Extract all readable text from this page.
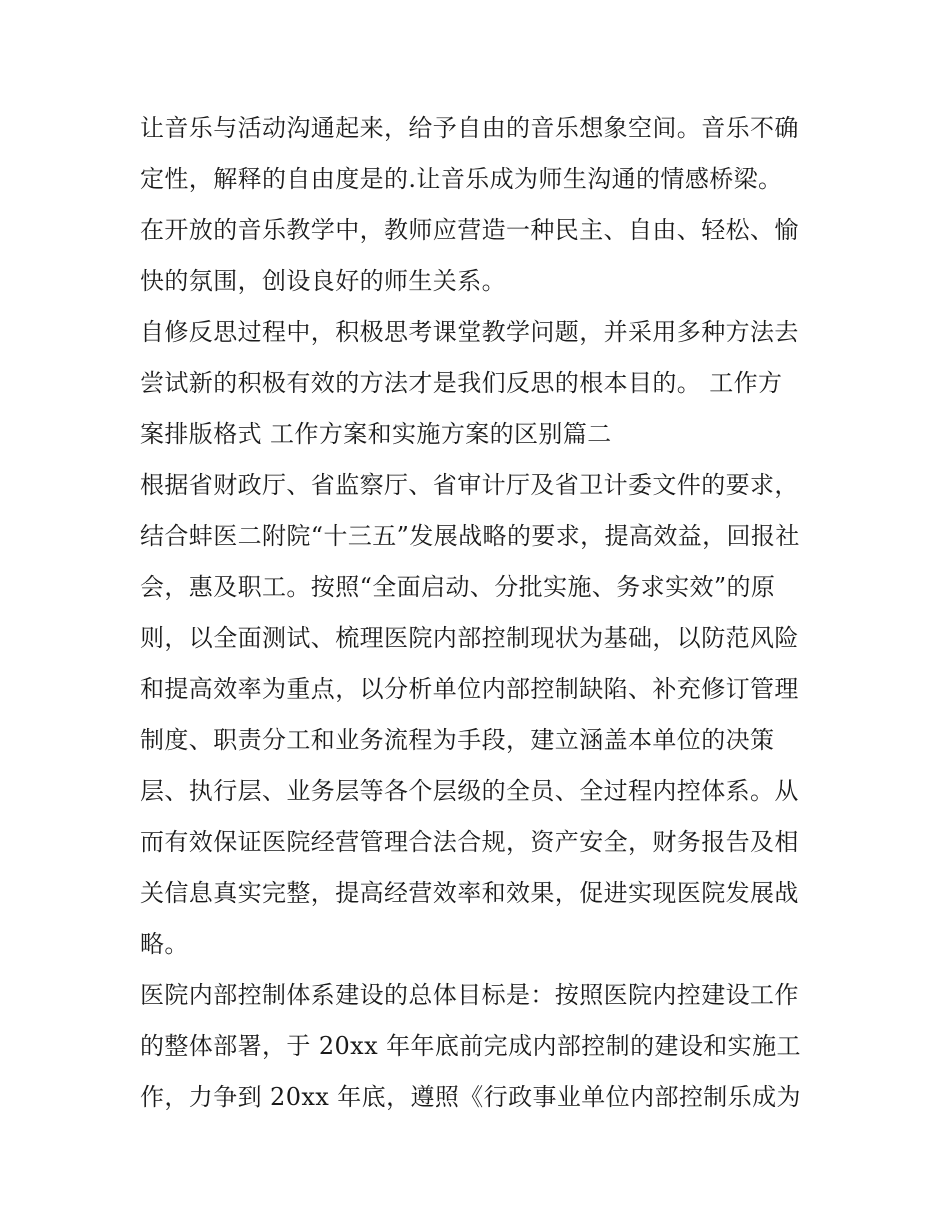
让音乐与活动沟通起来，给予自由的音乐想象空间。音乐不确
定性，解释的自由度是的.让音乐成为师生沟通的情感桥梁。
在开放的音乐教学中，教师应营造一种民主、自由、轻松、愉
快的氛围，创设良好的师生关系。
自修反思过程中，积极思考课堂教学问题，并采用多种方法去
尝试新的积极有效的方法才是我们反思的根本目的。 工作方
案排版格式 工作方案和实施方案的区别篇二
根据省财政厅、省监察厅、省审计厅及省卫计委文件的要求，
结合蚌医二附院“十三五”发展战略的要求，提高效益，回报社
会，惠及职工。按照“全面启动、分批实施、务求实效”的原
则，以全面测试、梳理医院内部控制现状为基础，以防范风险
和提高效率为重点，以分析单位内部控制缺陷、补充修订管理
制度、职责分工和业务流程为手段，建立涵盖本单位的决策
层、执行层、业务层等各个层级的全员、全过程内控体系。从
而有效保证医院经营管理合法合规，资产安全，财务报告及相
关信息真实完整，提高经营效率和效果，促进实现医院发展战
略。
医院内部控制体系建设的总体目标是：按照医院内控建设工作
的整体部署，于 20xx 年年底前完成内部控制的建设和实施工
作，力争到 20xx 年底，遵照《行政事业单位内部控制乐成为
